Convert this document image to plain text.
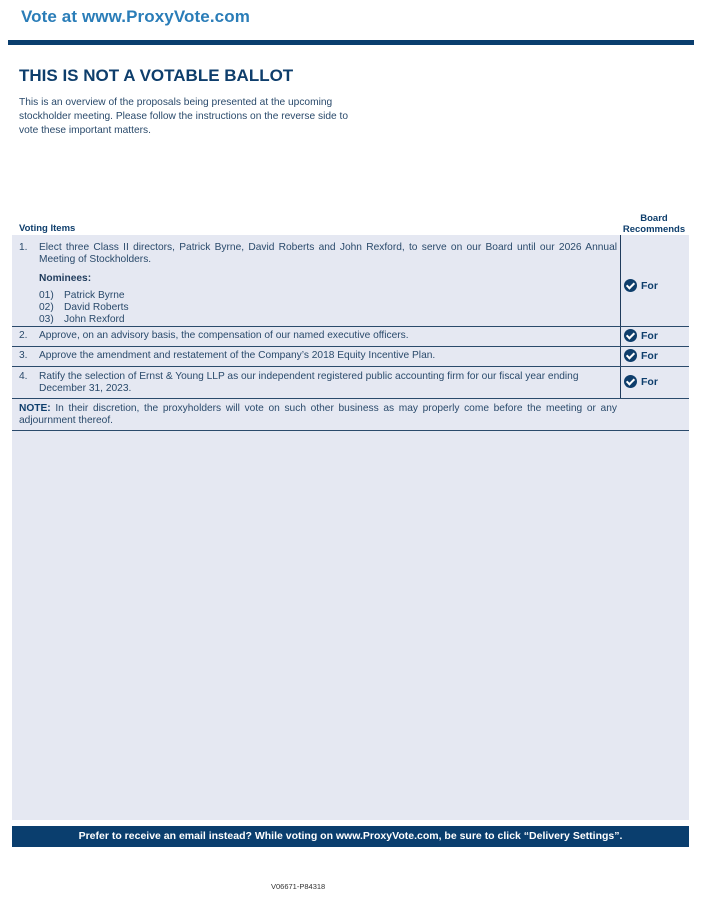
Vote at www.ProxyVote.com
THIS IS NOT A VOTABLE BALLOT
This is an overview of the proposals being presented at the upcoming stockholder meeting. Please follow the instructions on the reverse side to vote these important matters.
Voting Items
Board
Recommends
1. Elect three Class II directors, Patrick Byrne, David Roberts and John Rexford, to serve on our Board until our 2026 Annual Meeting of Stockholders.
Nominees:
01) Patrick Byrne
02) David Roberts
03) John Rexford
For
2. Approve, on an advisory basis, the compensation of our named executive officers.	For
3. Approve the amendment and restatement of the Company’s 2018 Equity Incentive Plan.	For
4. Ratify the selection of Ernst & Young LLP as our independent registered public accounting firm for our fiscal year ending December 31, 2023.
For
NOTE: In their discretion, the proxyholders will vote on such other business as may properly come before the meeting or any adjournment thereof.
Prefer to receive an email instead? While voting on www.ProxyVote.com, be sure to click “Delivery Settings”.
V06671-P84318
